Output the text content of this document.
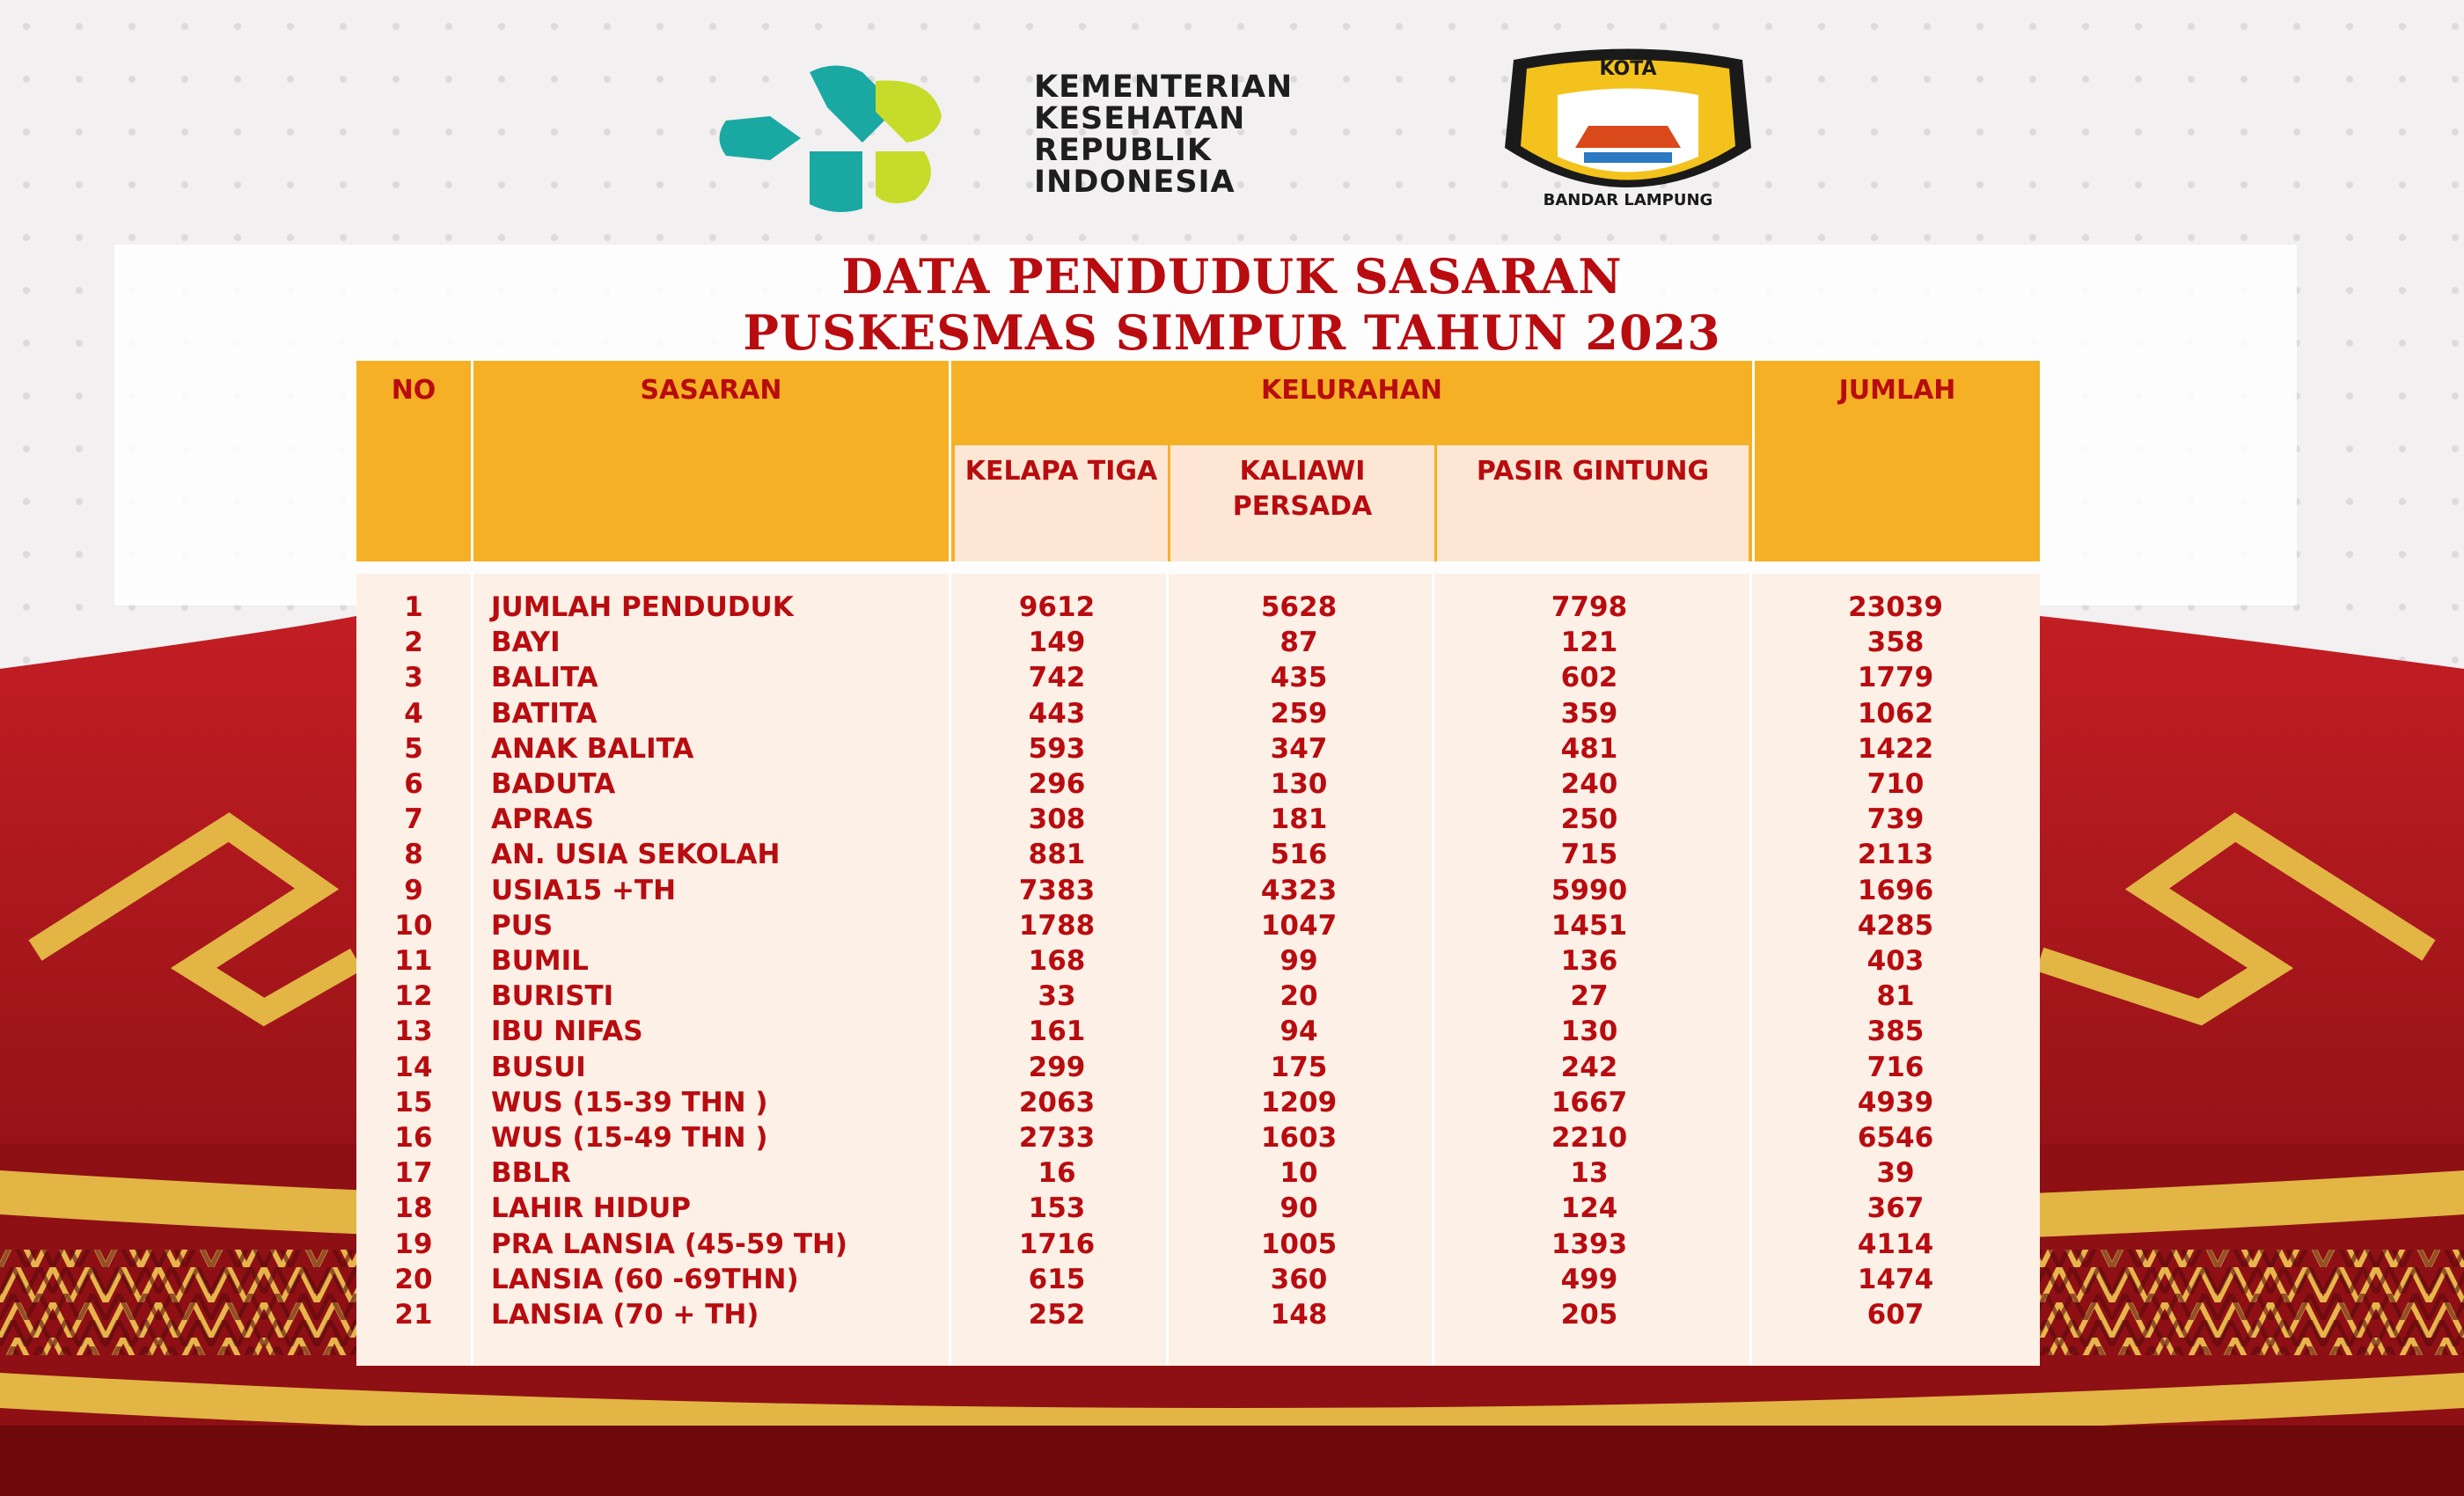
KEMENTERIAN
KESEHATAN
REPUBLIK
INDONESIA
KOTA
BANDAR LAMPUNG
DATA PENDUDUK SASARAN
PUSKESMAS SIMPUR TAHUN 2023
NO	SASARAN	KELURAHAN	JUMLAH
KELAPA TIGA	KALIAWI
PERSADA
PASIR GINTUNG
1	JUMLAH PENDUDUK	9612	5628	7798	23039
2	BAYI	149	87	121	358
3	BALITA	742	435	602	1779
4	BATITA	443	259	359	1062
5	ANAK BALITA	593	347	481	1422
6	BADUTA	296	130	240	710
7	APRAS	308	181	250	739
8	AN. USIA SEKOLAH	881	516	715	2113
9	USIA15 +TH	7383	4323	5990	1696
10	PUS	1788	1047	1451	4285
11	BUMIL	168	99	136	403
12	BURISTI	33	20	27	81
13	IBU NIFAS	161	94	130	385
14	BUSUI	299	175	242	716
15	WUS (15-39 THN )	2063	1209	1667	4939
16	WUS (15-49 THN )	2733	1603	2210	6546
17	BBLR	16	10	13	39
18	LAHIR HIDUP	153	90	124	367
19	PRA LANSIA (45-59 TH)	1716	1005	1393	4114
20	LANSIA (60 -69THN)	615	360	499	1474
21	LANSIA (70 + TH)	252	148	205	607
